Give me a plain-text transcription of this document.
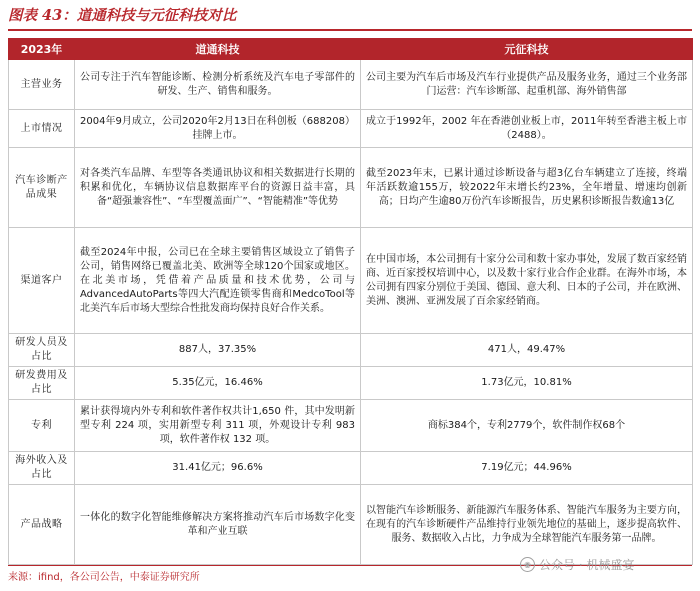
图表 43：道通科技与元征科技对比
2023年	道通科技	元征科技
主营业务	公司专注于汽车智能诊断、检测分析系统及汽车电子零部件的研发、生产、销售和服务。	公司主要为汽车后市场及汽车行业提供产品及服务业务，通过三个业务部门运营：汽车诊断部、起重机部、海外销售部
上市情况	2004年9月成立，公司2020年2月13日在科创板（688208）挂牌上市。	成立于1992年，2002 年在香港创业板上市，2011年转至香港主板上市（2488）。
汽车诊断产品成果	对各类汽车品牌、车型等各类通讯协议和相关数据进行长期的积累和优化，车辆协议信息数据库平台的资源日益丰富，具备“超强兼容性”、“车型覆盖面广”、“智能精准”等优势	截至2023年末，已累计通过诊断设备与超3亿台车辆建立了连接，终端年活跃数逾155万，较2022年末增长约23%，全年增量、增速均创新高；日均产生逾80万份汽车诊断报告，历史累积诊断报告数逾13亿
渠道客户	截至2024年中报，公司已在全球主要销售区域设立了销售子公司，销售网络已覆盖北美、欧洲等全球120个国家或地区。在北美市场，凭借着产品质量和技术优势，公司与AdvancedAutoParts等四大汽配连锁零售商和MedcoTool等北美汽车后市场大型综合性批发商均保持良好合作关系。	在中国市场，本公司拥有十家分公司和数十家办事处，发展了数百家经销商、近百家授权培训中心，以及数十家行业合作企业群。在海外市场，本公司拥有四家分别位于美国、德国、意大利、日本的子公司，并在欧洲、美洲、澳洲、亚洲发展了百余家经销商。
研发人员及占比	887人，37.35%	471人，49.47%
研发费用及占比	5.35亿元，16.46%	1.73亿元，10.81%
专利	累计获得境内外专利和软件著作权共计1,650 件，其中发明新型专利 224 项，实用新型专利 311 项，外观设计专利 983 项，软件著作权 132 项。	商标384个，专利2779个，软件制作权68个
海外收入及占比	31.41亿元；96.6%	7.19亿元；44.96%
产品战略	一体化的数字化智能维修解决方案将推动汽车后市场数字化变革和产业互联	以智能汽车诊断服务、新能源汽车服务体系、智能汽车服务为主要方向，在现有的汽车诊断硬件产品维持行业领先地位的基础上，逐步提高软件、服务、数据收入占比，力争成为全球智能汽车服务第一品牌。
来源：ifind，各公司公告，中泰证券研究所
◉ 公众号 · 机械盛宴
